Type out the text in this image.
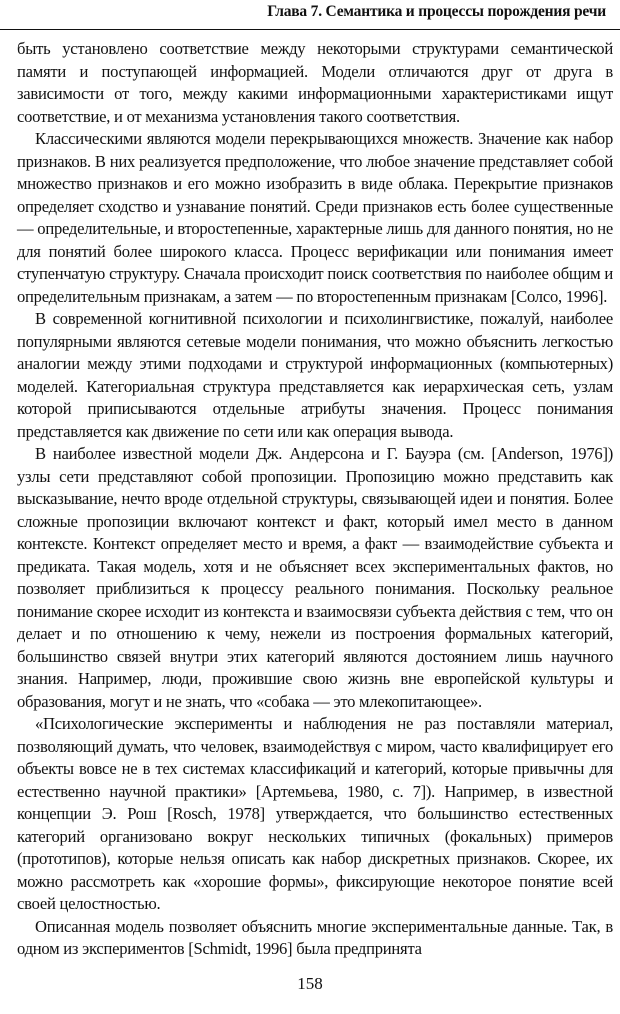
Глава 7. Семантика и процессы порождения речи

быть установлено соответствие между некоторыми структурами семантической памяти и поступающей информацией. Модели отличаются друг от друга в зависимости от того, между какими информационными характеристиками ищут соответствие, и от механизма установления такого соответствия.

Классическими являются модели перекрывающихся множеств. Значение как набор признаков. В них реализуется предположение, что любое значение представляет собой множество признаков и его можно изобразить в виде облака. Перекрытие признаков определяет сходство и узнавание понятий. Среди признаков есть более существенные — определительные, и второстепенные, характерные лишь для данного понятия, но не для понятий более широкого класса. Процесс верификации или понимания имеет ступенчатую структуру. Сначала происходит поиск соответствия по наиболее общим и определительным признакам, а затем — по второстепенным признакам [Солсо, 1996].

В современной когнитивной психологии и психолингвистике, пожалуй, наиболее популярными являются сетевые модели понимания, что можно объяснить легкостью аналогии между этими подходами и структурой информационных (компьютерных) моделей. Категориальная структура представляется как иерархическая сеть, узлам которой приписываются отдельные атрибуты значения. Процесс понимания представляется как движение по сети или как операция вывода.

В наиболее известной модели Дж. Андерсона и Г. Бауэра (см. [Anderson, 1976]) узлы сети представляют собой пропозиции. Пропозицию можно представить как высказывание, нечто вроде отдельной структуры, связывающей идеи и понятия. Более сложные пропозиции включают контекст и факт, который имел место в данном контексте. Контекст определяет место и время, а факт — взаимодействие субъекта и предиката. Такая модель, хотя и не объясняет всех экспериментальных фактов, но позволяет приблизиться к процессу реального понимания. Поскольку реальное понимание скорее исходит из контекста и взаимосвязи субъекта действия с тем, что он делает и по отношению к чему, нежели из построения формальных категорий, большинство связей внутри этих категорий являются достоянием лишь научного знания. Например, люди, прожившие свою жизнь вне европейской культуры и образования, могут и не знать, что «собака — это млекопитающее».

«Психологические эксперименты и наблюдения не раз поставляли материал, позволяющий думать, что человек, взаимодействуя с миром, часто квалифицирует его объекты вовсе не в тех системах классификаций и категорий, которые привычны для естественно научной практики» [Артемьева, 1980, с. 7]). Например, в известной концепции Э. Рош [Rosch, 1978] утверждается, что большинство естественных категорий организовано вокруг нескольких типичных (фокальных) примеров (прототипов), которые нельзя описать как набор дискретных признаков. Скорее, их можно рассмотреть как «хорошие формы», фиксирующие некоторое понятие всей своей целостностью.

Описанная модель позволяет объяснить многие экспериментальные данные. Так, в одном из экспериментов [Schmidt, 1996] была предпринята

158
